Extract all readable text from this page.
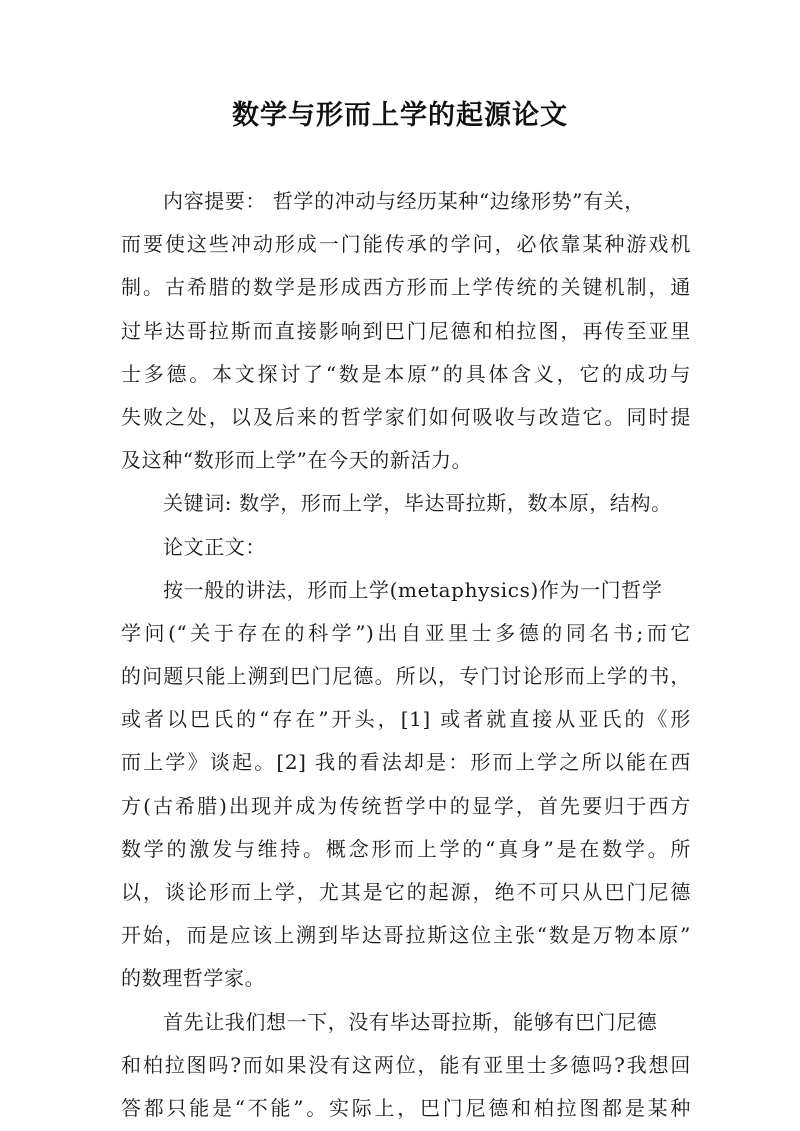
数学与形而上学的起源论文
内容提要： 哲学的冲动与经历某种“边缘形势”有关，
而要使这些冲动形成一门能传承的学问，必依靠某种游戏机
制。古希腊的数学是形成西方形而上学传统的关键机制，通
过毕达哥拉斯而直接影响到巴门尼德和柏拉图，再传至亚里
士多德。本文探讨了“数是本原”的具体含义，它的成功与
失败之处，以及后来的哲学家们如何吸收与改造它。同时提
及这种“数形而上学”在今天的新活力。
关键词: 数学，形而上学，毕达哥拉斯，数本原，结构。
论文正文：
按一般的讲法，形而上学(metaphysics)作为一门哲学
学问(“关于存在的科学”)出自亚里士多德的同名书;而它
的问题只能上溯到巴门尼德。所以，专门讨论形而上学的书，
或者以巴氏的“存在”开头，[1] 或者就直接从亚氏的《形
而上学》谈起。[2] 我的看法却是：形而上学之所以能在西
方(古希腊)出现并成为传统哲学中的显学，首先要归于西方
数学的激发与维持。概念形而上学的“真身”是在数学。所
以，谈论形而上学，尤其是它的起源，绝不可只从巴门尼德
开始，而是应该上溯到毕达哥拉斯这位主张“数是万物本原”
的数理哲学家。
首先让我们想一下，没有毕达哥拉斯，能够有巴门尼德
和柏拉图吗?而如果没有这两位，能有亚里士多德吗?我想回
答都只能是“不能”。实际上，巴门尼德和柏拉图都是某种
